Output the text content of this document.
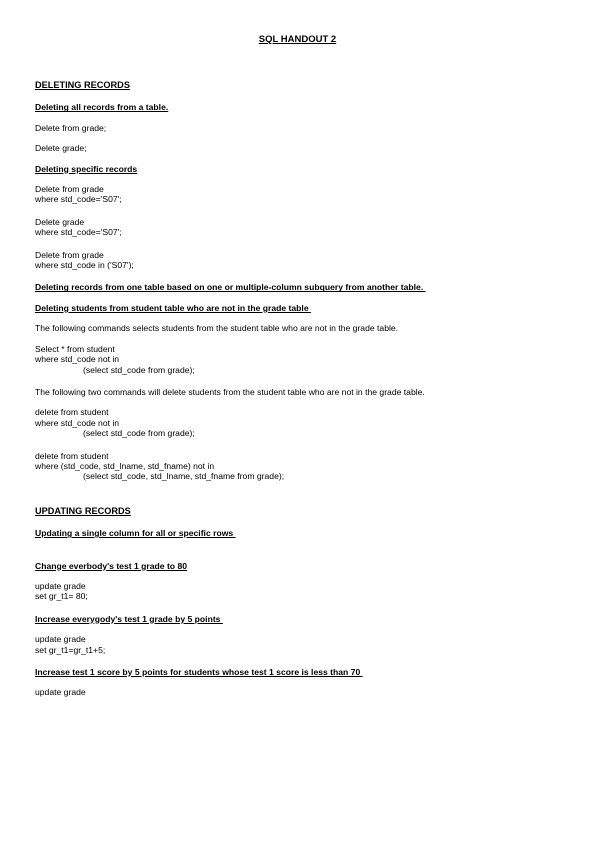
SQL HANDOUT 2
DELETING RECORDS
Deleting all records from a table.
Delete from grade;
Delete grade;
Deleting specific records
Delete from grade
where std_code='S07';
Delete grade
where std_code='S07';
Delete from grade
where std_code in ('S07');
Deleting records from one table based on one or multiple-column subquery from another table.
Deleting students from student table who are not in the grade table
The following commands selects students from the student table who are not in the grade table.
Select * from student
where std_code not in
(select std_code from grade);
The following two commands will delete students from the student table who are not in the grade table.
delete from student
where std_code not in
(select std_code from grade);
delete from student
where (std_code, std_lname, std_fname) not in
(select std_code, std_lname, std_fname from grade);
UPDATING RECORDS
Updating a single column for all or specific rows
Change everbody's test 1 grade to 80
update grade
set gr_t1= 80;
Increase everygody's test 1 grade by 5 points
update grade
set gr_t1=gr_t1+5;
Increase test 1 score by 5 points for students whose test 1 score is less than 70
update grade
